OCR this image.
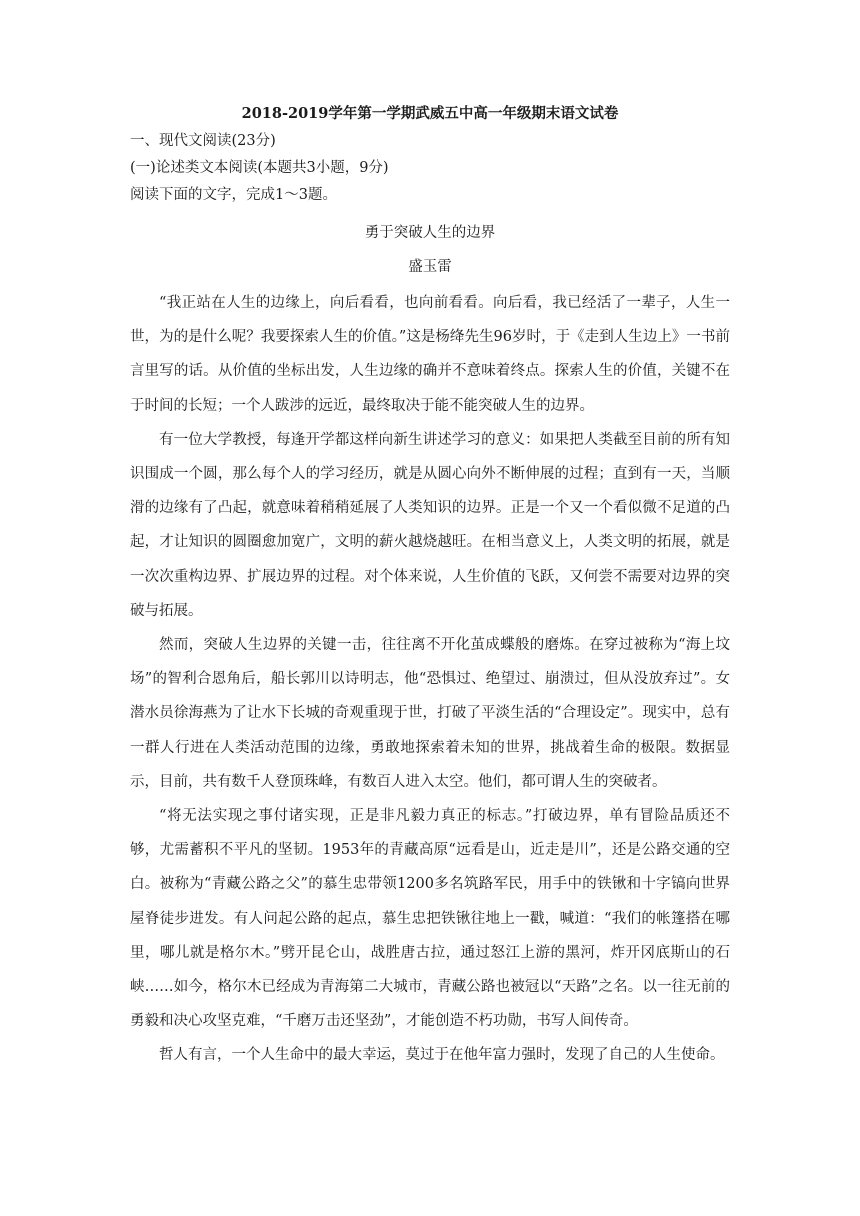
2018-2019学年第一学期武威五中高一年级期末语文试卷
一、现代文阅读(23分)
(一)论述类文本阅读(本题共3小题，9分)
阅读下面的文字，完成1～3题。
勇于突破人生的边界
盛玉雷

“我正站在人生的边缘上，向后看看，也向前看看。向后看，我已经活了一辈子，人生一世，为的是什么呢？我要探索人生的价值。”这是杨绛先生96岁时，于《走到人生边上》一书前言里写的话。从价值的坐标出发，人生边缘的确并不意味着终点。探索人生的价值，关键不在于时间的长短；一个人跋涉的远近，最终取决于能不能突破人生的边界。

有一位大学教授，每逢开学都这样向新生讲述学习的意义：如果把人类截至目前的所有知识围成一个圆，那么每个人的学习经历，就是从圆心向外不断伸展的过程；直到有一天，当顺滑的边缘有了凸起，就意味着稍稍延展了人类知识的边界。正是一个又一个看似微不足道的凸起，才让知识的圆圈愈加宽广，文明的薪火越烧越旺。在相当意义上，人类文明的拓展，就是一次次重构边界、扩展边界的过程。对个体来说，人生价值的飞跃，又何尝不需要对边界的突破与拓展。

然而，突破人生边界的关键一击，往往离不开化茧成蝶般的磨炼。在穿过被称为“海上坟场”的智利合恩角后，船长郭川以诗明志，他“恐惧过、绝望过、崩溃过，但从没放弃过”。女潜水员徐海燕为了让水下长城的奇观重现于世，打破了平淡生活的“合理设定”。现实中，总有一群人行进在人类活动范围的边缘，勇敢地探索着未知的世界，挑战着生命的极限。数据显示，目前，共有数千人登顶珠峰，有数百人进入太空。他们，都可谓人生的突破者。

“将无法实现之事付诸实现，正是非凡毅力真正的标志。”打破边界，单有冒险品质还不够，尤需蓄积不平凡的坚韧。1953年的青藏高原“远看是山，近走是川”，还是公路交通的空白。被称为“青藏公路之父”的慕生忠带领1200多名筑路军民，用手中的铁锹和十字镐向世界屋脊徒步进发。有人问起公路的起点，慕生忠把铁锹往地上一戳，喊道：“我们的帐篷搭在哪里，哪儿就是格尔木。”劈开昆仑山，战胜唐古拉，通过怒江上游的黑河，炸开冈底斯山的石峡……如今，格尔木已经成为青海第二大城市，青藏公路也被冠以“天路”之名。以一往无前的勇毅和决心攻坚克难，“千磨万击还坚劲”，才能创造不朽功勋，书写人间传奇。

哲人有言，一个人生命中的最大幸运，莫过于在他年富力强时，发现了自己的人生使命。
